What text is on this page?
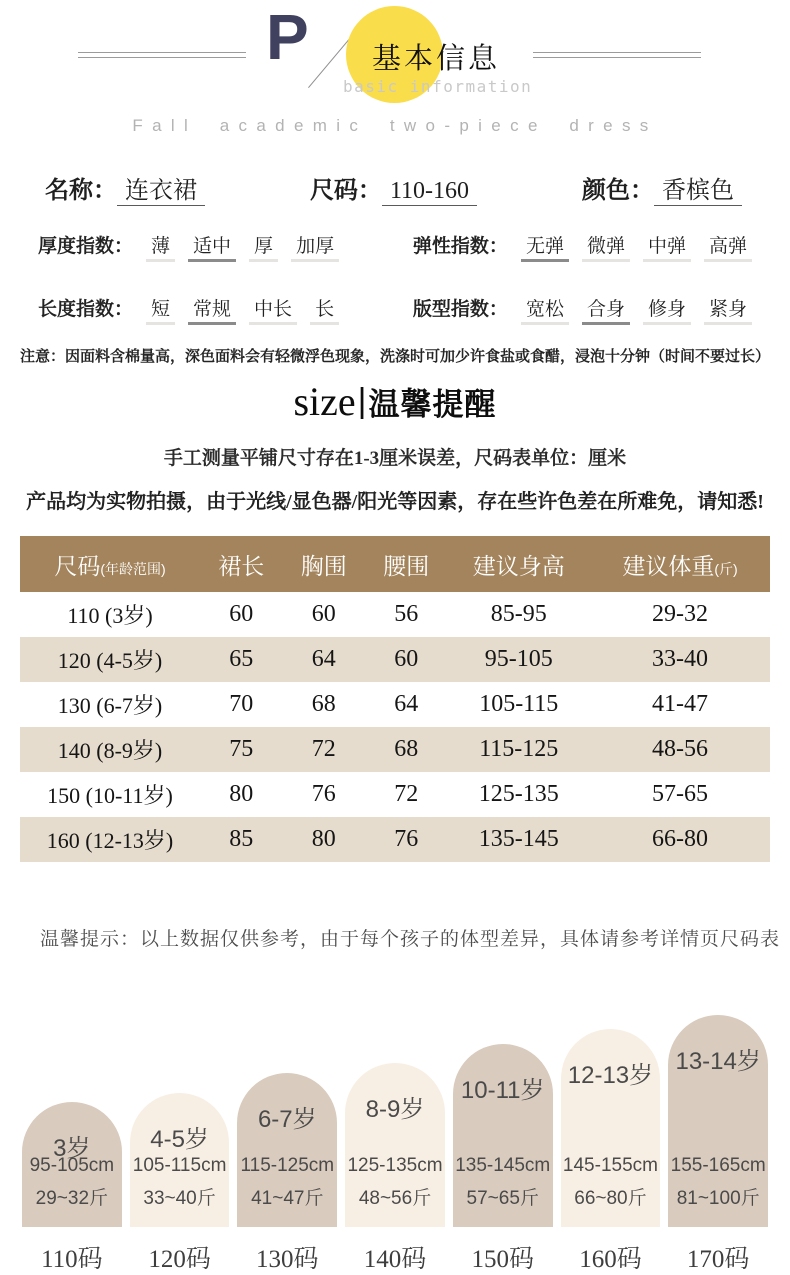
P 基本信息
basic information
Fall academic two-piece dress
名称： 连衣裙	尺码： 110-160	颜色： 香槟色
厚度指数： 薄 适中 厚 加厚	弹性指数： 无弹 微弹 中弹 高弹
长度指数： 短 常规 中长 长	版型指数： 宽松 合身 修身 紧身
注意：因面料含棉量高，深色面料会有轻微浮色现象，洗涤时可加少许食盐或食醋，浸泡十分钟（时间不要过长）
size|温馨提醒
手工测量平铺尺寸存在1-3厘米误差，尺码表单位：厘米
产品均为实物拍摄，由于光线/显色器/阳光等因素，存在些许色差在所难免，请知悉!
尺码(年龄范围)	裙长	胸围	腰围	建议身高	建议体重(斤)
110 (3岁)	60	60	56	85-95	29-32
120 (4-5岁)	65	64	60	95-105	33-40
130 (6-7岁)	70	68	64	105-115	41-47
140 (8-9岁)	75	72	68	115-125	48-56
150 (10-11岁)	80	76	72	125-135	57-65
160 (12-13岁)	85	80	76	135-145	66-80
温馨提示：以上数据仅供参考，由于每个孩子的体型差异，具体请参考详情页尺码表
3岁
95-105cm
29~32斤
4-5岁
105-115cm
33~40斤
6-7岁
115-125cm
41~47斤
8-9岁
125-135cm
48~56斤
10-11岁
135-145cm
57~65斤
12-13岁
145-155cm
66~80斤
13-14岁
155-165cm
81~100斤
110码	120码	130码	140码	150码	160码	170码
